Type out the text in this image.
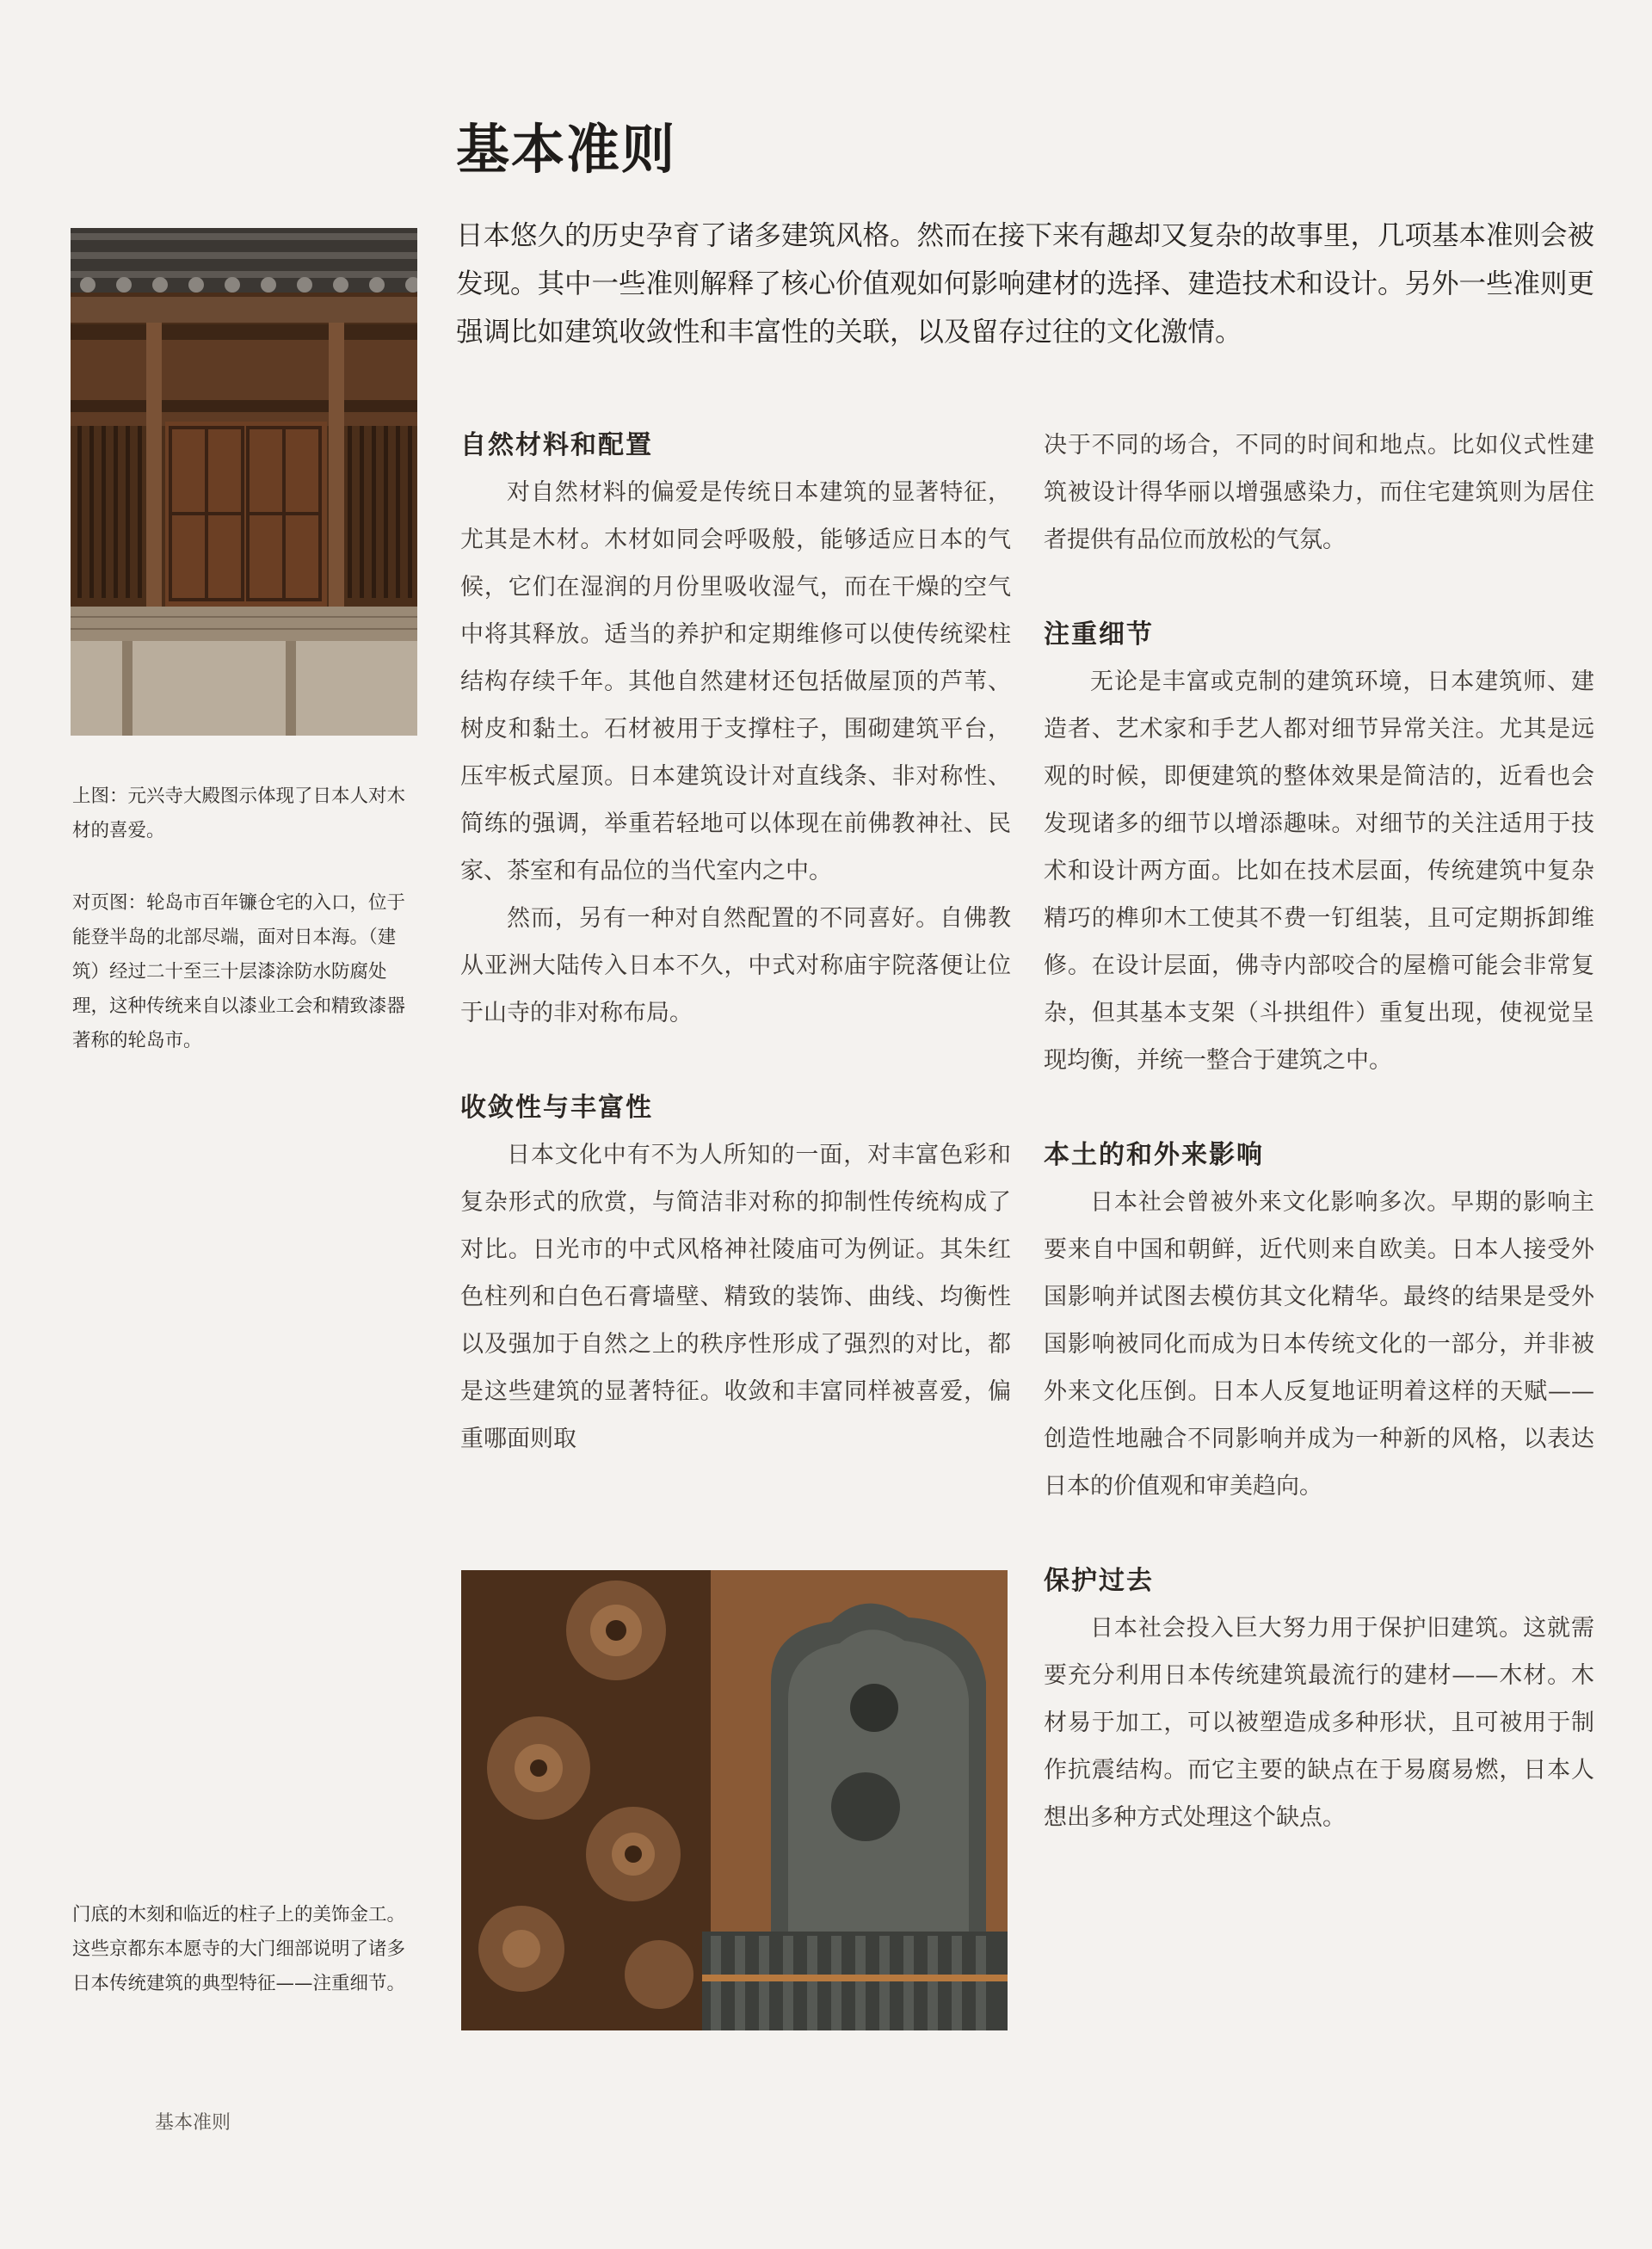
基本准则

日本悠久的历史孕育了诸多建筑风格。然而在接下来有趣却又复杂的故事里，几项基本准则会被发现。其中一些准则解释了核心价值观如何影响建材的选择、建造技术和设计。另外一些准则更强调比如建筑收敛性和丰富性的关联，以及留存过往的文化激情。

上图：元兴寺大殿图示体现了日本人对木材的喜爱。

对页图：轮岛市百年镰仓宅的入口，位于能登半岛的北部尽端，面对日本海。（建筑）经过二十至三十层漆涂防水防腐处理，这种传统来自以漆业工会和精致漆器著称的轮岛市。

自然材料和配置

对自然材料的偏爱是传统日本建筑的显著特征，尤其是木材。木材如同会呼吸般，能够适应日本的气候，它们在湿润的月份里吸收湿气，而在干燥的空气中将其释放。适当的养护和定期维修可以使传统梁柱结构存续千年。其他自然建材还包括做屋顶的芦苇、树皮和黏土。石材被用于支撑柱子，围砌建筑平台，压牢板式屋顶。日本建筑设计对直线条、非对称性、简练的强调，举重若轻地可以体现在前佛教神社、民家、茶室和有品位的当代室内之中。

然而，另有一种对自然配置的不同喜好。自佛教从亚洲大陆传入日本不久，中式对称庙宇院落便让位于山寺的非对称布局。

收敛性与丰富性

日本文化中有不为人所知的一面，对丰富色彩和复杂形式的欣赏，与简洁非对称的抑制性传统构成了对比。日光市的中式风格神社陵庙可为例证。其朱红色柱列和白色石膏墙壁、精致的装饰、曲线、均衡性以及强加于自然之上的秩序性形成了强烈的对比，都是这些建筑的显著特征。收敛和丰富同样被喜爱，偏重哪面则取

门底的木刻和临近的柱子上的美饰金工。这些京都东本愿寺的大门细部说明了诸多日本传统建筑的典型特征——注重细节。

决于不同的场合，不同的时间和地点。比如仪式性建筑被设计得华丽以增强感染力，而住宅建筑则为居住者提供有品位而放松的气氛。

注重细节

无论是丰富或克制的建筑环境，日本建筑师、建造者、艺术家和手艺人都对细节异常关注。尤其是远观的时候，即便建筑的整体效果是简洁的，近看也会发现诸多的细节以增添趣味。对细节的关注适用于技术和设计两方面。比如在技术层面，传统建筑中复杂精巧的榫卯木工使其不费一钉组装，且可定期拆卸维修。在设计层面，佛寺内部咬合的屋檐可能会非常复杂，但其基本支架（斗拱组件）重复出现，使视觉呈现均衡，并统一整合于建筑之中。

本土的和外来影响

日本社会曾被外来文化影响多次。早期的影响主要来自中国和朝鲜，近代则来自欧美。日本人接受外国影响并试图去模仿其文化精华。最终的结果是受外国影响被同化而成为日本传统文化的一部分，并非被外来文化压倒。日本人反复地证明着这样的天赋——创造性地融合不同影响并成为一种新的风格，以表达日本的价值观和审美趋向。

保护过去

日本社会投入巨大努力用于保护旧建筑。这就需要充分利用日本传统建筑最流行的建材——木材。木材易于加工，可以被塑造成多种形状，且可被用于制作抗震结构。而它主要的缺点在于易腐易燃，日本人想出多种方式处理这个缺点。

基本准则
